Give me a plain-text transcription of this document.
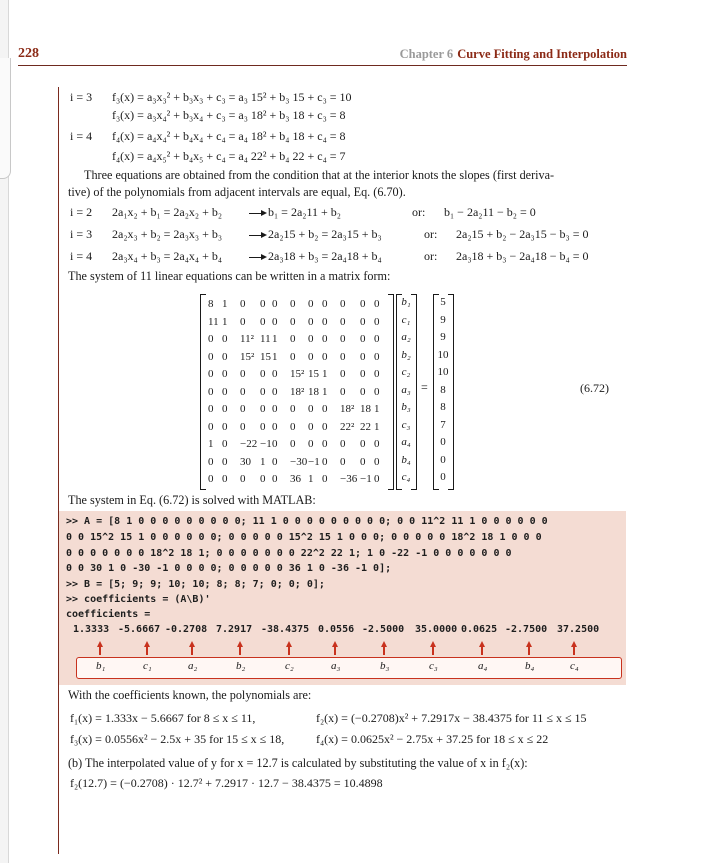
228	Chapter 6 Curve Fitting and Interpolation
i = 3 f₃(x) = a₃x₃² + b₃x₃ + c₃ = a₃ 15² + b₃ 15 + c₃ = 10
f₃(x) = a₃x₄² + b₃x₄ + c₃ = a₃ 18² + b₃ 18 + c₃ = 8
i = 4 f₄(x) = a₄x₄² + b₄x₄ + c₄ = a₄ 18² + b₄ 18 + c₄ = 8
f₄(x) = a₄x₅² + b₄x₅ + c₄ = a₄ 22² + b₄ 22 + c₄ = 7
Three equations are obtained from the condition that at the interior knots the slopes (first deriva-
tive) of the polynomials from adjacent intervals are equal, Eq. (6.70).
i = 2 2a₁x₂ + b₁ = 2a₂x₂ + b₂	b₁ = 2a₂11 + b₂	or: b₁ − 2a₂11 − b₂ = 0
i = 3 2a₂x₃ + b₂ = 2a₃x₃ + b₃	2a₂15 + b₂ = 2a₃15 + b₃	or: 2a₂15 + b₂ − 2a₃15 − b₃ = 0
i = 4 2a₃x₄ + b₃ = 2a₄x₄ + b₄	2a₃18 + b₃ = 2a₄18 + b₄	or: 2a₃18 + b₃ − 2a₄18 − b₄ = 0
The system of 11 linear equations can be written in a matrix form:
8 1 0 0 0 0 0 0 0 0 0
11 1 0 0 0 0 0 0 0 0 0
0 0 11² 11 1 0 0 0 0 0 0
0 0 15² 15 1 0 0 0 0 0 0
0 0 0 0 0 15² 15 1 0 0 0
0 0 0 0 0 18² 18 1 0 0 0
0 0 0 0 0 0 0 0 18² 18 1
0 0 0 0 0 0 0 0 22² 22 1
1 0 −22 −1 0 0 0 0 0 0 0
0 0 30 1 0 −30 −1 0 0 0 0
0 0 0 0 0 36 1 0 −36 −1 0
b₁
c₁
a₂
b₂
c₂
a₃
b₃
c₃
a₄
b₄
c₄
=
5
9
9
10
10
8
8
7
0
0
0
(6.72)
The system in Eq. (6.72) is solved with MATLAB:
>> A = [8 1 0 0 0 0 0 0 0 0 0; 11 1 0 0 0 0 0 0 0 0 0; 0 0 11^2 11 1 0 0 0 0 0 0
0 0 15^2 15 1 0 0 0 0 0 0; 0 0 0 0 0 15^2 15 1 0 0 0; 0 0 0 0 0 18^2 18 1 0 0 0
0 0 0 0 0 0 0 18^2 18 1; 0 0 0 0 0 0 0 22^2 22 1; 1 0 -22 -1 0 0 0 0 0 0 0
0 0 30 1 0 -30 -1 0 0 0 0; 0 0 0 0 0 36 1 0 -36 -1 0];
>> B = [5; 9; 9; 10; 10; 8; 8; 7; 0; 0; 0];
>> coefficients = (A\B)'
coefficients =
1.3333 -5.6667 -0.2708 7.2917 -38.4375 0.0556 -2.5000 35.0000 0.0625 -2.7500 37.2500
b₁	c₁	a₂	b₂	c₂	a₃	b₃	c₃	a₄	b₄	c₄
With the coefficients known, the polynomials are:
f₁(x) = 1.333x − 5.6667 for 8 ≤ x ≤ 11,	f₂(x) = (−0.2708)x² + 7.2917x − 38.4375 for 11 ≤ x ≤ 15
f₃(x) = 0.0556x² − 2.5x + 35 for 15 ≤ x ≤ 18,	f₄(x) = 0.0625x² − 2.75x + 37.25 for 18 ≤ x ≤ 22
(b) The interpolated value of y for x = 12.7 is calculated by substituting the value of x in f₂(x):
f₂(12.7) = (−0.2708) · 12.7² + 7.2917 · 12.7 − 38.4375 = 10.4898
